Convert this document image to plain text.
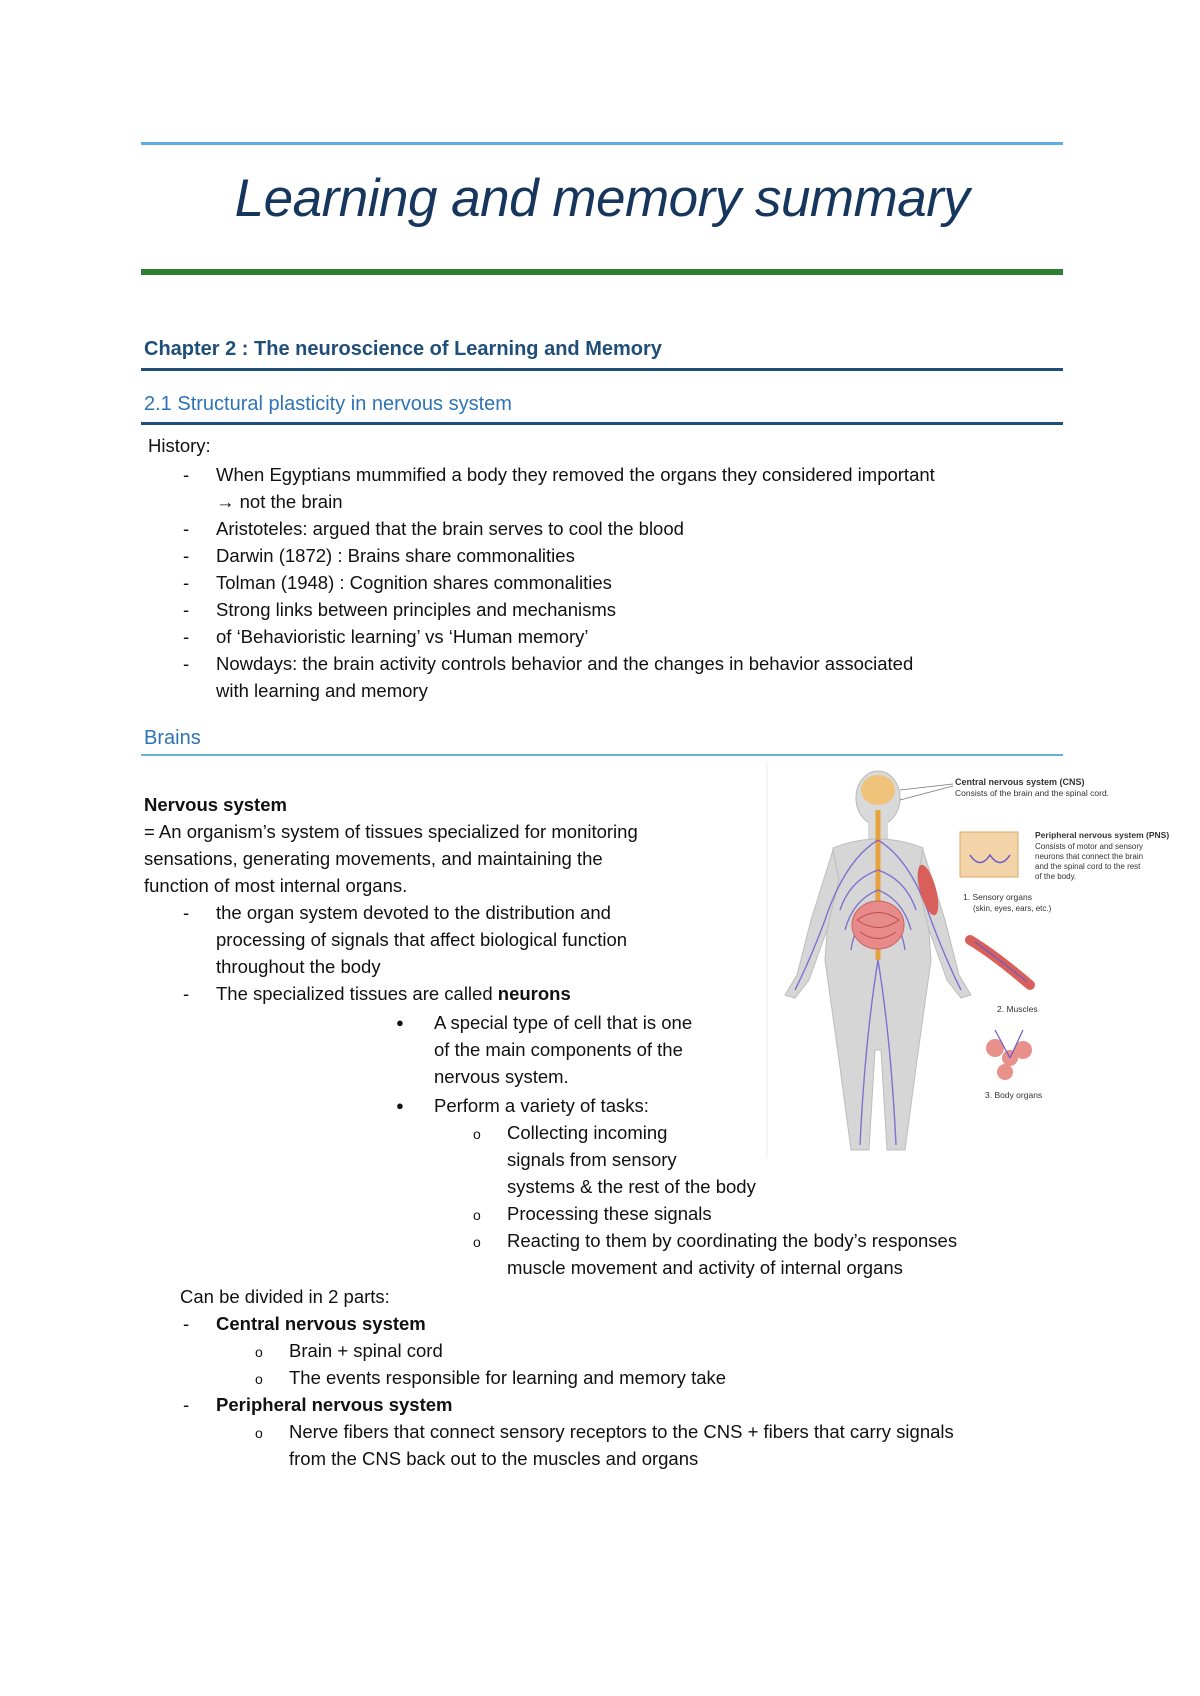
Learning and memory summary
Chapter 2 : The neuroscience of Learning and Memory
2.1 Structural plasticity in nervous system
History:
- When Egyptians mummified a body they removed the organs they considered important
→ not the brain
- Aristoteles: argued that the brain serves to cool the blood
- Darwin (1872) : Brains share commonalities
- Tolman (1948) : Cognition shares commonalities
- Strong links between principles and mechanisms
- of ‘Behavioristic learning’ vs ‘Human memory’
- Nowdays: the brain activity controls behavior and the changes in behavior associated
with learning and memory
Brains
Nervous system
= An organism’s system of tissues specialized for monitoring
sensations, generating movements, and maintaining the
function of most internal organs.
- the organ system devoted to the distribution and
processing of signals that affect biological function
throughout the body
- The specialized tissues are called neurons
● A special type of cell that is one
of the main components of the
nervous system.
● Perform a variety of tasks:
o Collecting incoming
signals from sensory
systems & the rest of the body
o Processing these signals
o Reacting to them by coordinating the body’s responses
muscle movement and activity of internal organs
Can be divided in 2 parts:
- Central nervous system
o Brain + spinal cord
o The events responsible for learning and memory take
- Peripheral nervous system
o Nerve fibers that connect sensory receptors to the CNS + fibers that carry signals
from the CNS back out to the muscles and organs
Central nervous system (CNS)
Consists of the brain and the spinal cord.
Peripheral nervous system (PNS)
Consists of motor and sensory
neurons that connect the brain
and the spinal cord to the rest
of the body.
1. Sensory organs
(skin, eyes, ears, etc.)
2. Muscles
3. Body organs
